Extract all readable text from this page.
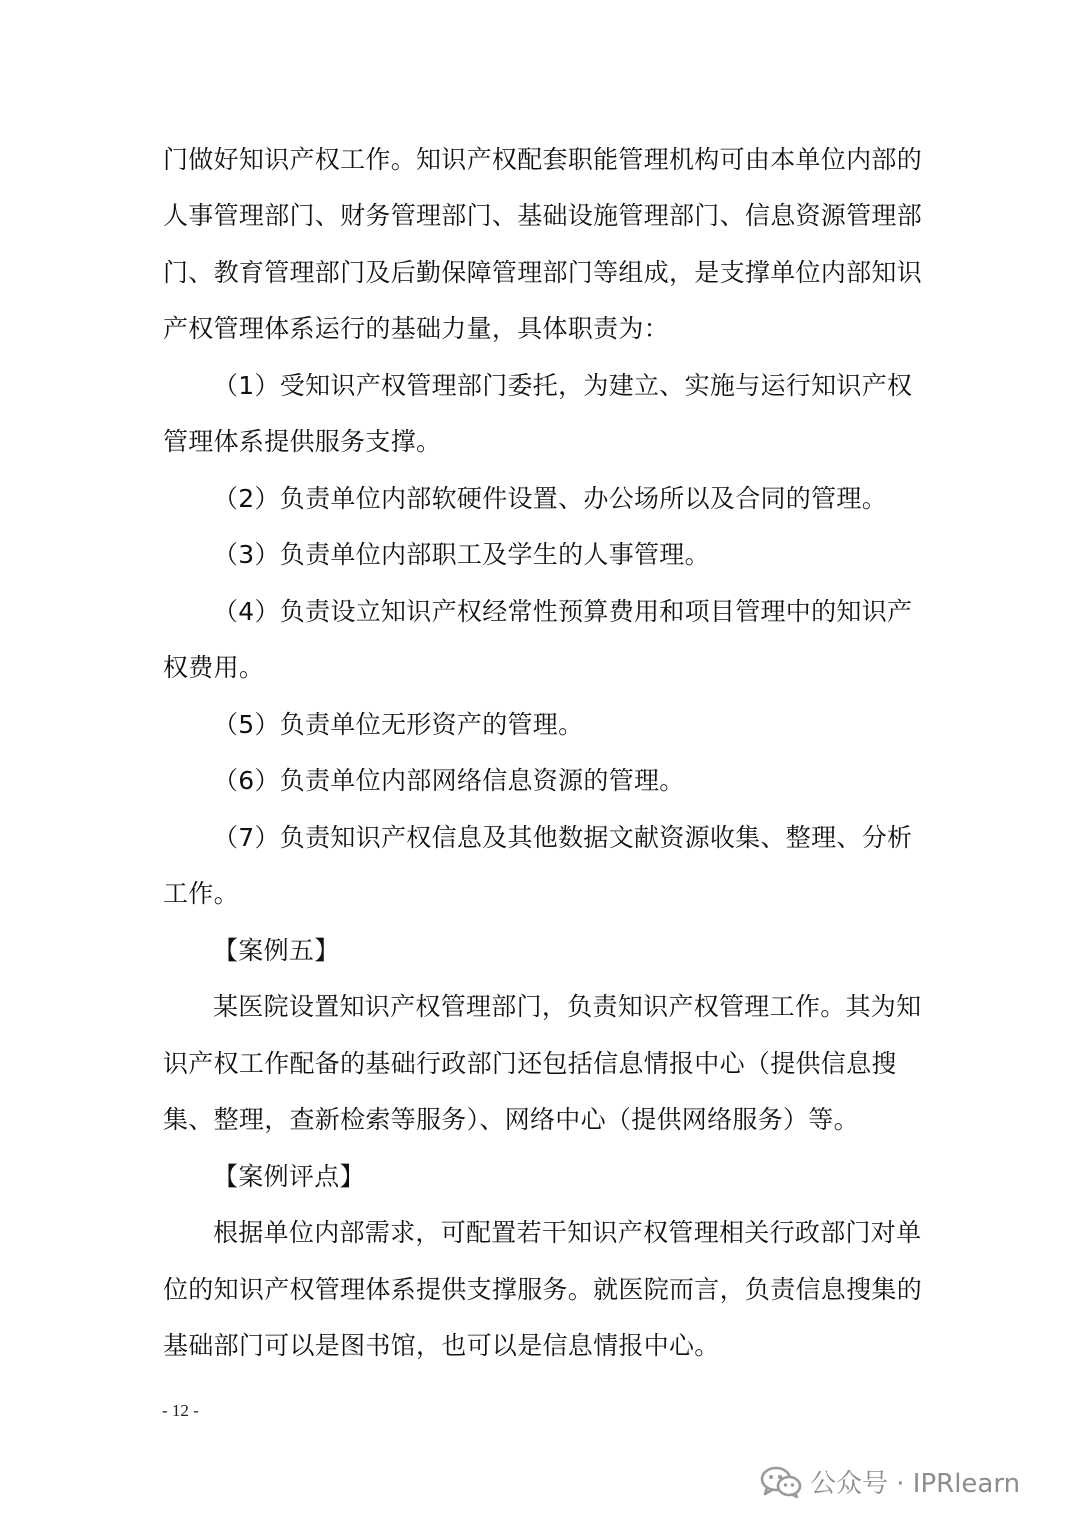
门做好知识产权工作。知识产权配套职能管理机构可由本单位内部的
人事管理部门、财务管理部门、基础设施管理部门、信息资源管理部
门、教育管理部门及后勤保障管理部门等组成，是支撑单位内部知识
产权管理体系运行的基础力量，具体职责为：
（1）受知识产权管理部门委托，为建立、实施与运行知识产权
管理体系提供服务支撑。
（2）负责单位内部软硬件设置、办公场所以及合同的管理。
（3）负责单位内部职工及学生的人事管理。
（4）负责设立知识产权经常性预算费用和项目管理中的知识产
权费用。
（5）负责单位无形资产的管理。
（6）负责单位内部网络信息资源的管理。
（7）负责知识产权信息及其他数据文献资源收集、整理、分析
工作。
【案例五】
某医院设置知识产权管理部门，负责知识产权管理工作。其为知
识产权工作配备的基础行政部门还包括信息情报中心（提供信息搜
集、整理，查新检索等服务）、网络中心（提供网络服务）等。
【案例评点】
根据单位内部需求，可配置若干知识产权管理相关行政部门对单
位的知识产权管理体系提供支撑服务。就医院而言，负责信息搜集的
基础部门可以是图书馆，也可以是信息情报中心。
- 12 -
公众号 · IPRlearn
